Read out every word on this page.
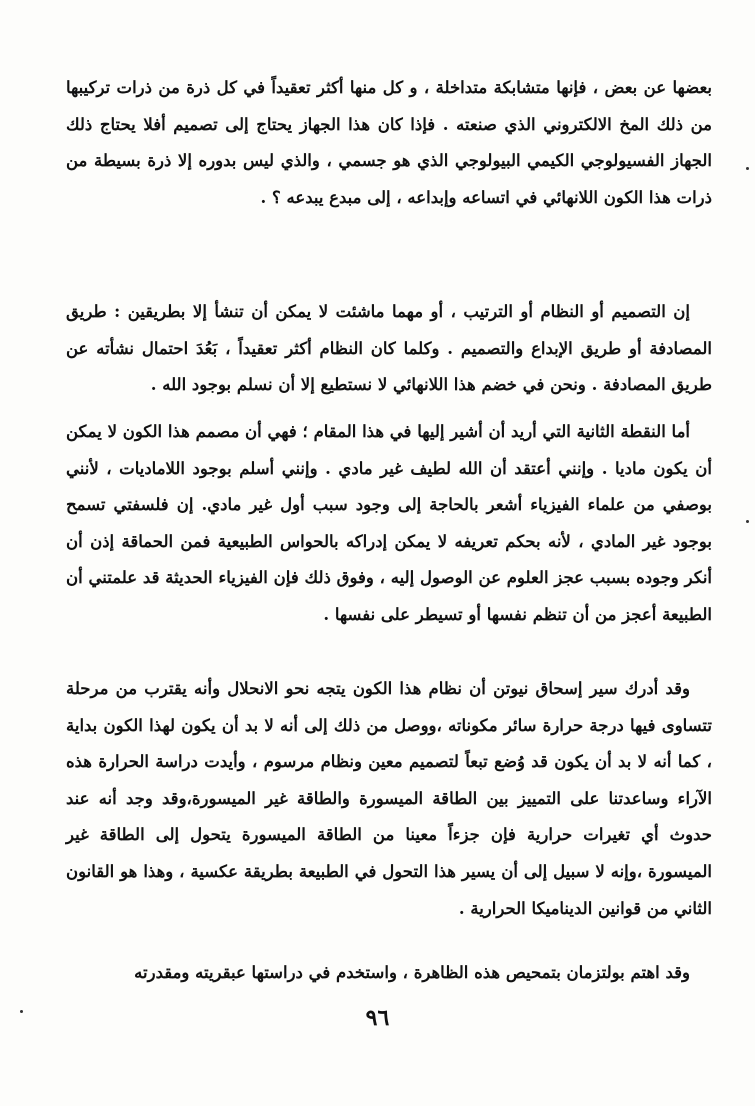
بعضها عن بعض ، فإنها متشابكة متداخلة ، و كل منها أكثر تعقيداً في كل ذرة من ذرات تركيبها من ذلك المخ الالكتروني الذي صنعته . فإذا كان هذا الجهاز يحتاج إلى تصميم أفلا يحتاج ذلك الجهاز الفسيولوجي الكيمي البيولوجي الذي هو جسمي ، والذي ليس بدوره إلا ذرة بسيطة من ذرات هذا الكون اللانهائي في اتساعه وإبداعه ، إلى مبدع يبدعه ؟ .

إن التصميم أو النظام أو الترتيب ، أو مهما ماشئت لا يمكن أن تنشأ إلا بطريقين : طريق المصادفة أو طريق الإبداع والتصميم . وكلما كان النظام أكثر تعقيداً ، بَعُدَ احتمال نشأته عن طريق المصادفة . ونحن في خضم هذا اللانهائي لا نستطيع إلا أن نسلم بوجود الله .

أما النقطة الثانية التي أريد أن أشير إليها في هذا المقام ؛ فهي أن مصمم هذا الكون لا يمكن أن يكون ماديا . وإنني أعتقد أن الله لطيف غير مادي . وإنني أسلم بوجود اللاماديات ، لأنني بوصفي من علماء الفيزياء أشعر بالحاجة إلى وجود سبب أول غير مادي. إن فلسفتي تسمح بوجود غير المادي ، لأنه بحكم تعريفه لا يمكن إدراكه بالحواس الطبيعية فمن الحماقة إذن أن أنكر وجوده بسبب عجز العلوم عن الوصول إليه ، وفوق ذلك فإن الفيزياء الحديثة قد علمتني أن الطبيعة أعجز من أن تنظم نفسها أو تسيطر على نفسها .

وقد أدرك سير إسحاق نيوتن أن نظام هذا الكون يتجه نحو الانحلال وأنه يقترب من مرحلة تتساوى فيها درجة حرارة سائر مكوناته ،ووصل من ذلك إلى أنه لا بد أن يكون لهذا الكون بداية ، كما أنه لا بد أن يكون قد وُضع تبعاً لتصميم معين ونظام مرسوم ، وأيدت دراسة الحرارة هذه الآراء وساعدتنا على التمييز بين الطاقة الميسورة والطاقة غير الميسورة،وقد وجد أنه عند حدوث أي تغيرات حرارية فإن جزءاً معينا من الطاقة الميسورة يتحول إلى الطاقة غير الميسورة ،وإنه لا سبيل إلى أن يسير هذا التحول في الطبيعة بطريقة عكسية ، وهذا هو القانون الثاني من قوانين الديناميكا الحرارية .

وقد اهتم بولتزمان بتمحيص هذه الظاهرة ، واستخدم في دراستها عبقريته ومقدرته

٩٦
